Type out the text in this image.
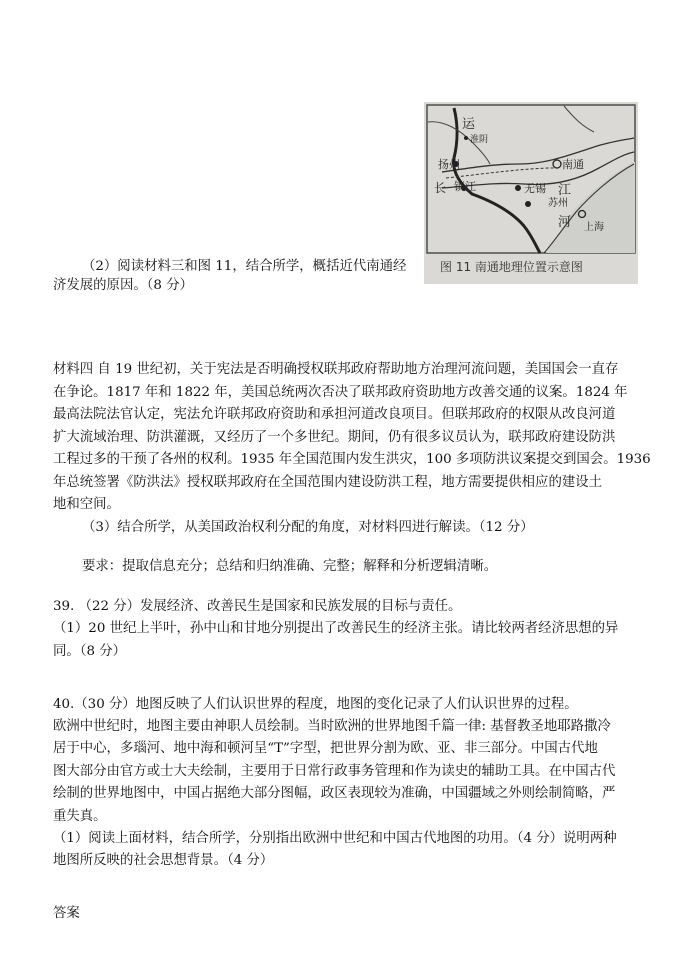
（2）阅读材料三和图 11，结合所学，概括近代南通经
济发展的原因。（8 分）
运
淮阴
扬州	南通
长 镇江	无锡 江
苏州
河 上海
图 11 南通地理位置示意图
材料四 自 19 世纪初，关于宪法是否明确授权联邦政府帮助地方治理河流问题，美国国会一直存
在争论。1817 年和 1822 年，美国总统两次否决了联邦政府资助地方改善交通的议案。1824 年
最高法院法官认定，宪法允许联邦政府资助和承担河道改良项目。但联邦政府的权限从改良河道
扩大流域治理、防洪灌溉，又经历了一个多世纪。期间，仍有很多议员认为，联邦政府建设防洪
工程过多的干预了各州的权利。1935 年全国范围内发生洪灾，100 多项防洪议案提交到国会。1936
年总统签署《防洪法》授权联邦政府在全国范围内建设防洪工程，地方需要提供相应的建设土
地和空间。
（3）结合所学，从美国政治权利分配的角度，对材料四进行解读。（12 分）
要求：提取信息充分；总结和归纳准确、完整；解释和分析逻辑清晰。
39. （22 分）发展经济、改善民生是国家和民族发展的目标与责任。
（1）20 世纪上半叶，孙中山和甘地分别提出了改善民生的经济主张。请比较两者经济思想的异
同。（8 分）
40.（30 分）地图反映了人们认识世界的程度，地图的变化记录了人们认识世界的过程。
欧洲中世纪时，地图主要由神职人员绘制。当时欧洲的世界地图千篇一律: 基督教圣地耶路撒冷
居于中心，多瑙河、地中海和顿河呈“T”字型，把世界分割为欧、亚、非三部分。中国古代地
图大部分由官方或士大夫绘制，主要用于日常行政事务管理和作为读史的辅助工具。在中国古代
绘制的世界地图中，中国占据绝大部分图幅，政区表现较为准确，中国疆域之外则绘制简略，严
重失真。
（1）阅读上面材料，结合所学，分别指出欧洲中世纪和中国古代地图的功用。（4 分）说明两种
地图所反映的社会思想背景。（4 分）
答案
